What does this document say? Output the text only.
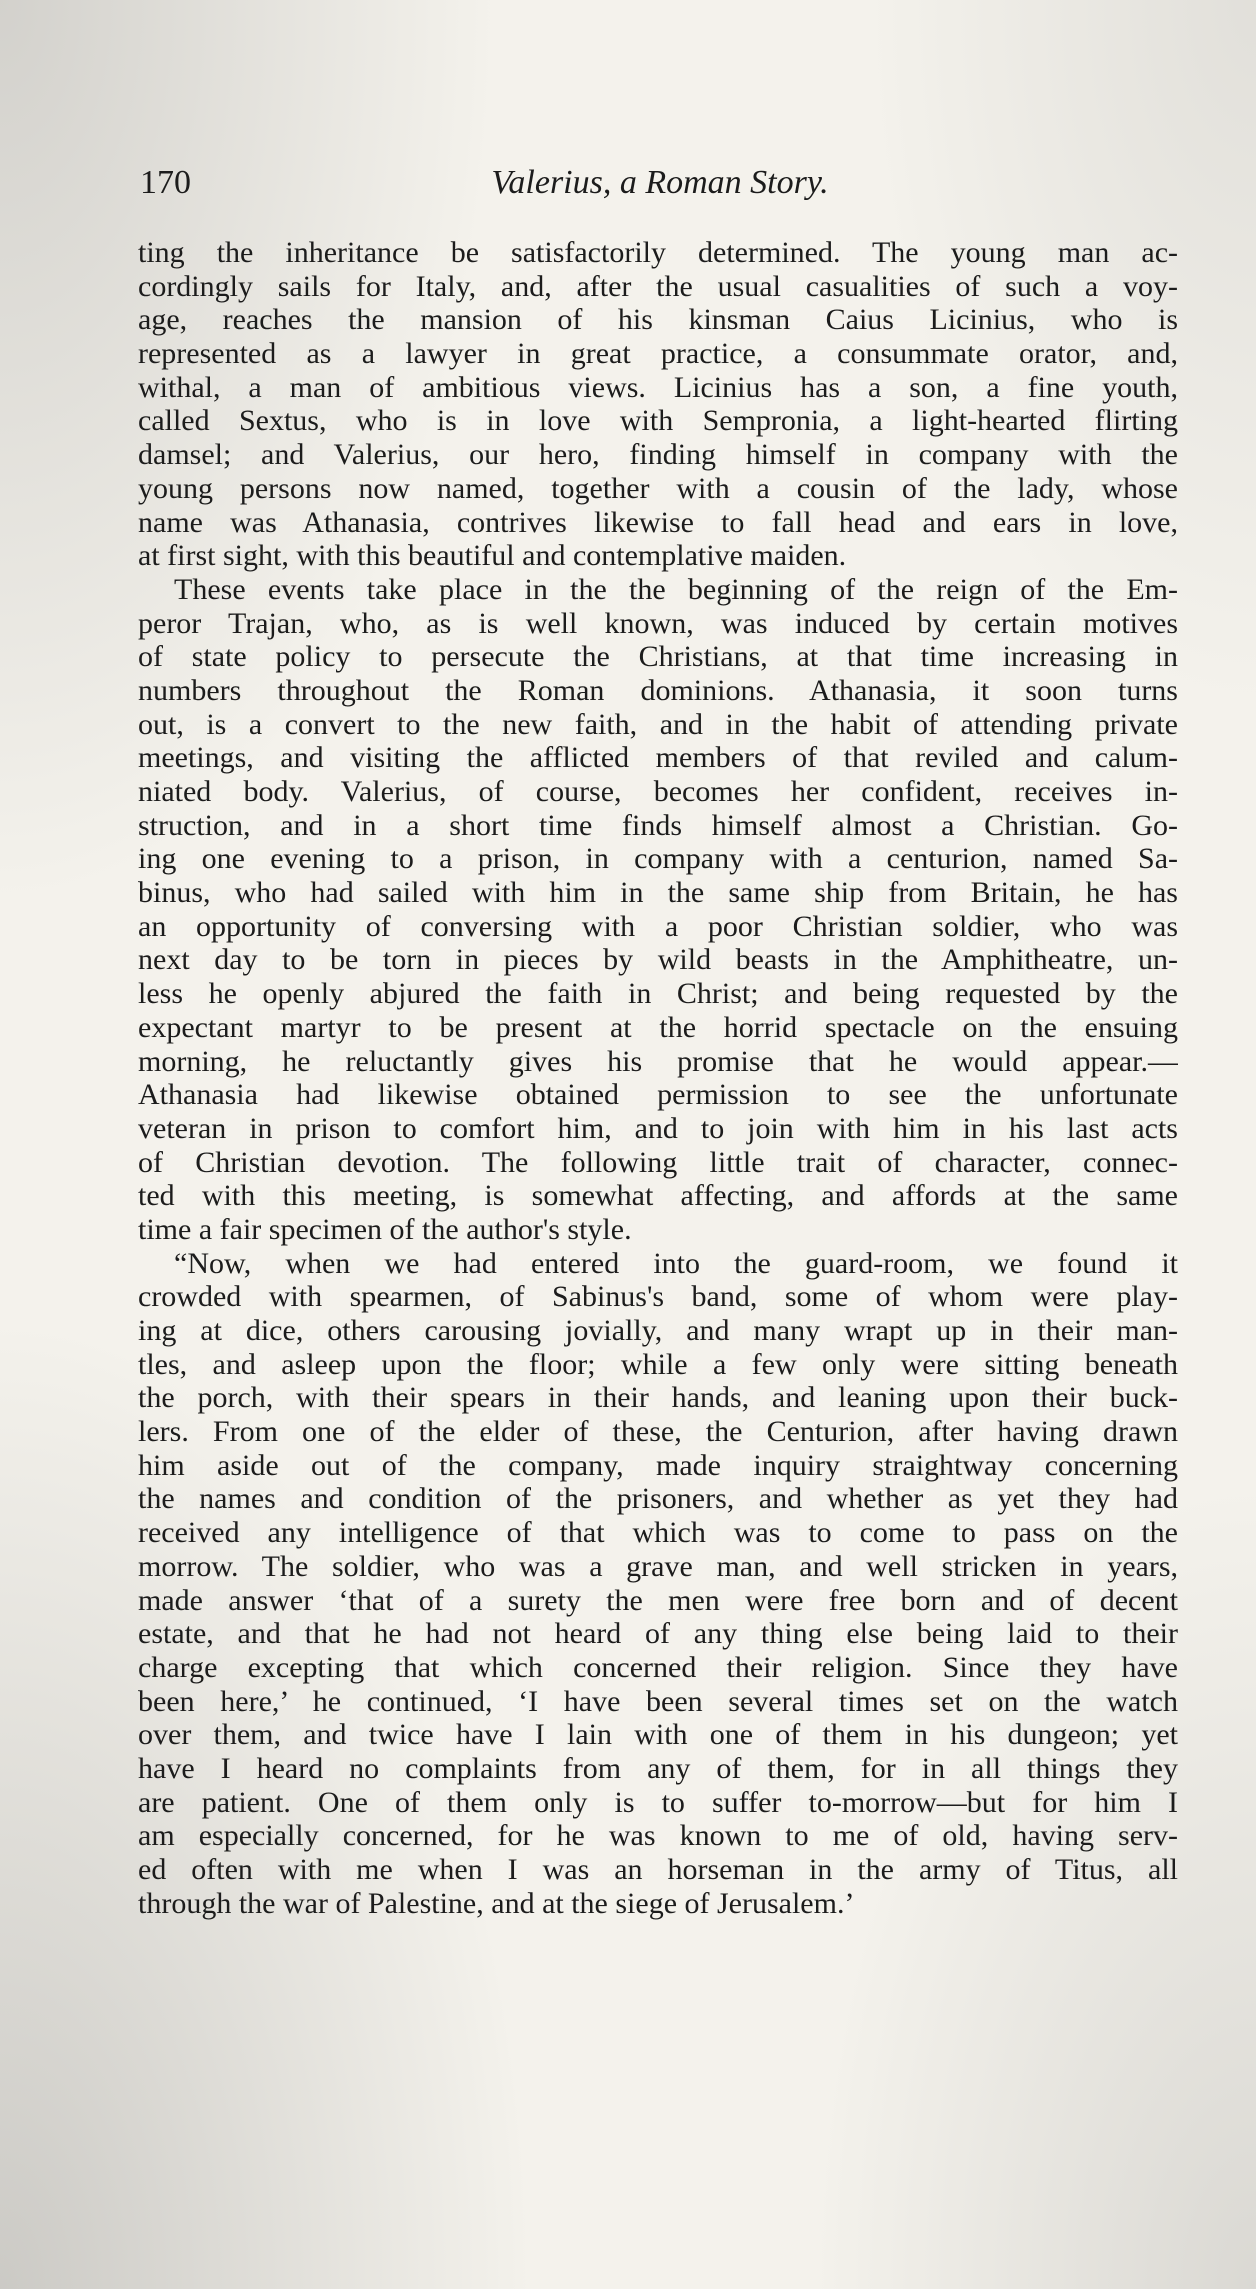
170	Valerius, a Roman Story.
ting the inheritance be satisfactorily determined. The young man ac-
cordingly sails for Italy, and, after the usual casualities of such a voy-
age, reaches the mansion of his kinsman Caius Licinius, who is
represented as a lawyer in great practice, a consummate orator, and,
withal, a man of ambitious views. Licinius has a son, a fine youth,
called Sextus, who is in love with Sempronia, a light-hearted flirting
damsel; and Valerius, our hero, finding himself in company with the
young persons now named, together with a cousin of the lady, whose
name was Athanasia, contrives likewise to fall head and ears in love,
at first sight, with this beautiful and contemplative maiden.
These events take place in the the beginning of the reign of the Em-
peror Trajan, who, as is well known, was induced by certain motives
of state policy to persecute the Christians, at that time increasing in
numbers throughout the Roman dominions. Athanasia, it soon turns
out, is a convert to the new faith, and in the habit of attending private
meetings, and visiting the afflicted members of that reviled and calum-
niated body. Valerius, of course, becomes her confident, receives in-
struction, and in a short time finds himself almost a Christian. Go-
ing one evening to a prison, in company with a centurion, named Sa-
binus, who had sailed with him in the same ship from Britain, he has
an opportunity of conversing with a poor Christian soldier, who was
next day to be torn in pieces by wild beasts in the Amphitheatre, un-
less he openly abjured the faith in Christ; and being requested by the
expectant martyr to be present at the horrid spectacle on the ensuing
morning, he reluctantly gives his promise that he would appear.—
Athanasia had likewise obtained permission to see the unfortunate
veteran in prison to comfort him, and to join with him in his last acts
of Christian devotion. The following little trait of character, connec-
ted with this meeting, is somewhat affecting, and affords at the same
time a fair specimen of the author's style.
“Now, when we had entered into the guard-room, we found it
crowded with spearmen, of Sabinus's band, some of whom were play-
ing at dice, others carousing jovially, and many wrapt up in their man-
tles, and asleep upon the floor; while a few only were sitting beneath
the porch, with their spears in their hands, and leaning upon their buck-
lers. From one of the elder of these, the Centurion, after having drawn
him aside out of the company, made inquiry straightway concerning
the names and condition of the prisoners, and whether as yet they had
received any intelligence of that which was to come to pass on the
morrow. The soldier, who was a grave man, and well stricken in years,
made answer ‘that of a surety the men were free born and of decent
estate, and that he had not heard of any thing else being laid to their
charge excepting that which concerned their religion. Since they have
been here,’ he continued, ‘I have been several times set on the watch
over them, and twice have I lain with one of them in his dungeon; yet
have I heard no complaints from any of them, for in all things they
are patient. One of them only is to suffer to-morrow—but for him I
am especially concerned, for he was known to me of old, having serv-
ed often with me when I was an horseman in the army of Titus, all
through the war of Palestine, and at the siege of Jerusalem.’
